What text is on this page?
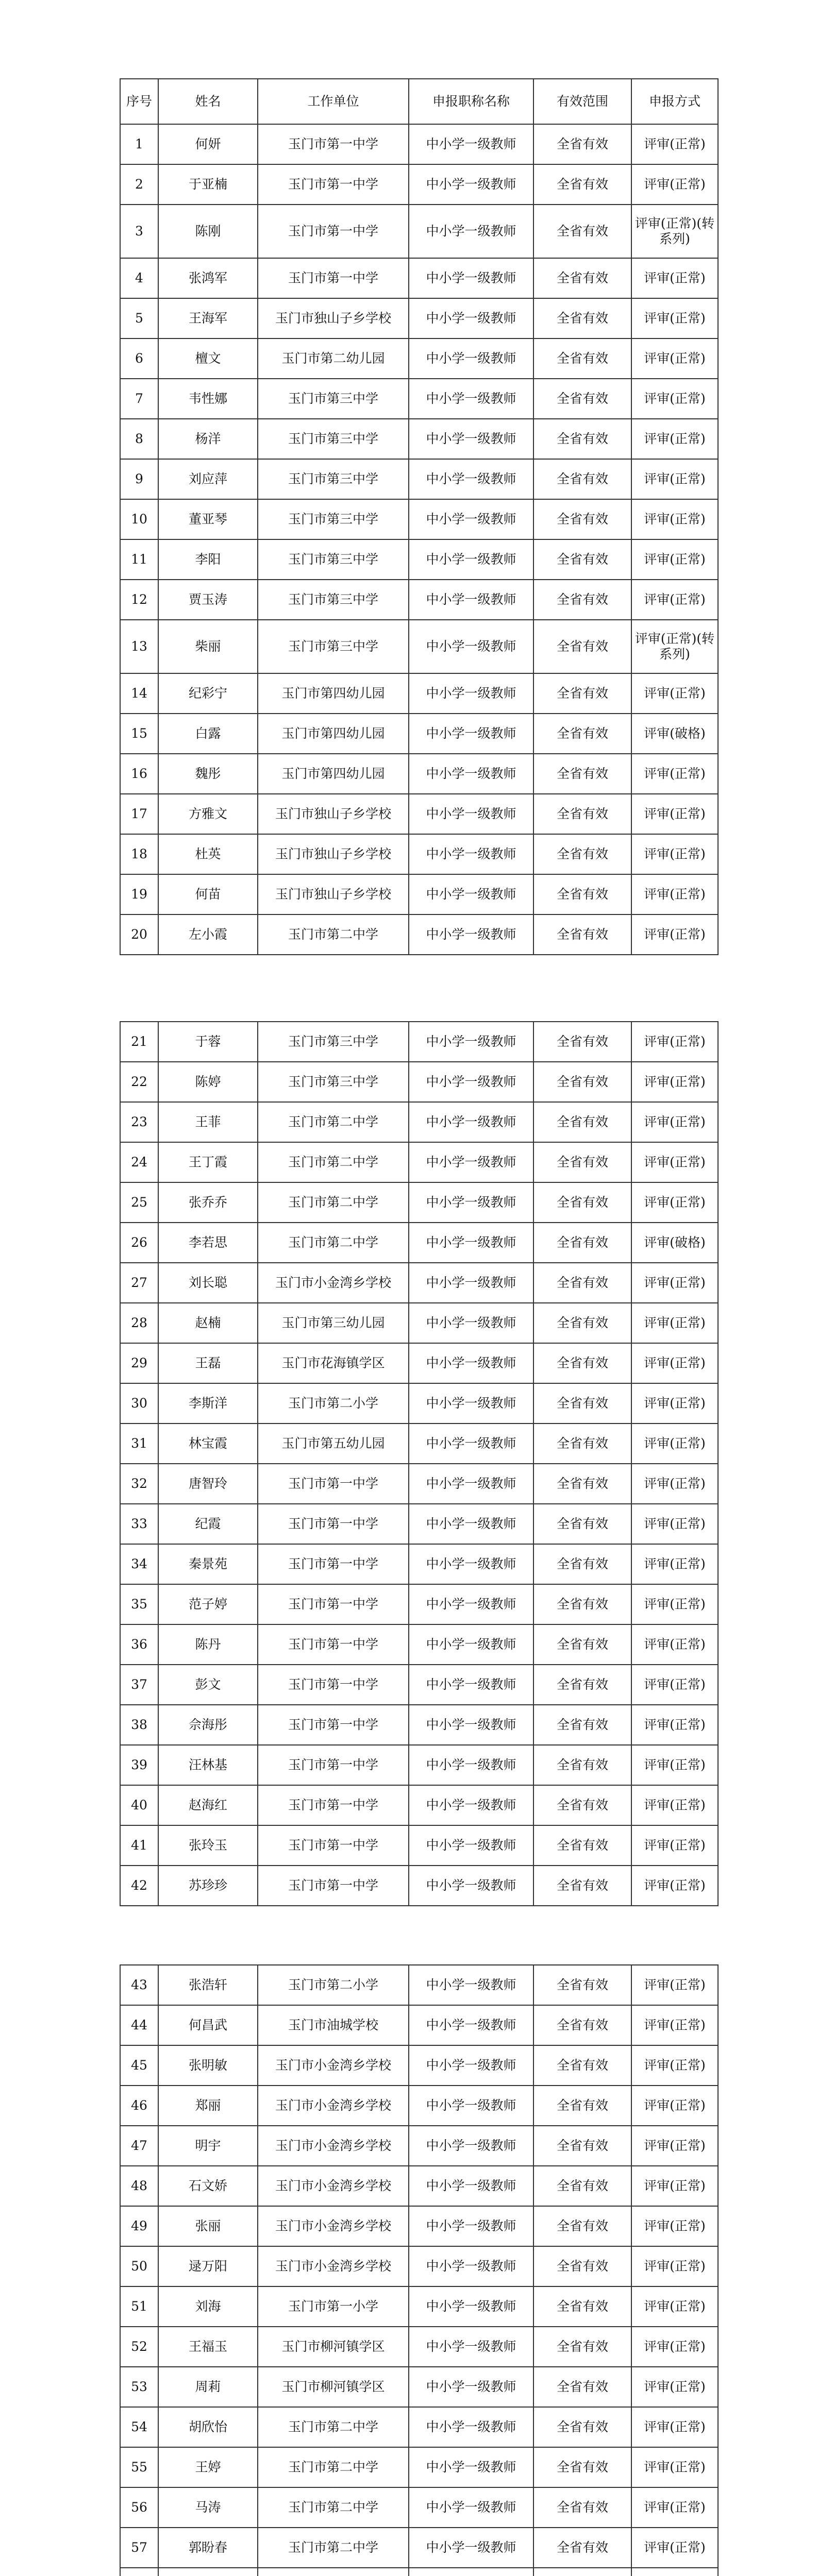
序号	姓名	工作单位	申报职称名称	有效范围	申报方式
1	何妍	玉门市第一中学	中小学一级教师	全省有效	评审(正常)
2	于亚楠	玉门市第一中学	中小学一级教师	全省有效	评审(正常)
3	陈刚	玉门市第一中学	中小学一级教师	全省有效	评审(正常)(转系列)
4	张鸿军	玉门市第一中学	中小学一级教师	全省有效	评审(正常)
5	王海军	玉门市独山子乡学校	中小学一级教师	全省有效	评审(正常)
6	檀文	玉门市第二幼儿园	中小学一级教师	全省有效	评审(正常)
7	韦性娜	玉门市第三中学	中小学一级教师	全省有效	评审(正常)
8	杨洋	玉门市第三中学	中小学一级教师	全省有效	评审(正常)
9	刘应萍	玉门市第三中学	中小学一级教师	全省有效	评审(正常)
10	董亚琴	玉门市第三中学	中小学一级教师	全省有效	评审(正常)
11	李阳	玉门市第三中学	中小学一级教师	全省有效	评审(正常)
12	贾玉涛	玉门市第三中学	中小学一级教师	全省有效	评审(正常)
13	柴丽	玉门市第三中学	中小学一级教师	全省有效	评审(正常)(转系列)
14	纪彩宁	玉门市第四幼儿园	中小学一级教师	全省有效	评审(正常)
15	白露	玉门市第四幼儿园	中小学一级教师	全省有效	评审(破格)
16	魏彤	玉门市第四幼儿园	中小学一级教师	全省有效	评审(正常)
17	方雅文	玉门市独山子乡学校	中小学一级教师	全省有效	评审(正常)
18	杜英	玉门市独山子乡学校	中小学一级教师	全省有效	评审(正常)
19	何苗	玉门市独山子乡学校	中小学一级教师	全省有效	评审(正常)
20	左小霞	玉门市第二中学	中小学一级教师	全省有效	评审(正常)
21	于蓉	玉门市第三中学	中小学一级教师	全省有效	评审(正常)
22	陈婷	玉门市第三中学	中小学一级教师	全省有效	评审(正常)
23	王菲	玉门市第二中学	中小学一级教师	全省有效	评审(正常)
24	王丁霞	玉门市第二中学	中小学一级教师	全省有效	评审(正常)
25	张乔乔	玉门市第二中学	中小学一级教师	全省有效	评审(正常)
26	李若思	玉门市第二中学	中小学一级教师	全省有效	评审(破格)
27	刘长聪	玉门市小金湾乡学校	中小学一级教师	全省有效	评审(正常)
28	赵楠	玉门市第三幼儿园	中小学一级教师	全省有效	评审(正常)
29	王磊	玉门市花海镇学区	中小学一级教师	全省有效	评审(正常)
30	李斯洋	玉门市第二小学	中小学一级教师	全省有效	评审(正常)
31	林宝霞	玉门市第五幼儿园	中小学一级教师	全省有效	评审(正常)
32	唐智玲	玉门市第一中学	中小学一级教师	全省有效	评审(正常)
33	纪霞	玉门市第一中学	中小学一级教师	全省有效	评审(正常)
34	秦景苑	玉门市第一中学	中小学一级教师	全省有效	评审(正常)
35	范子婷	玉门市第一中学	中小学一级教师	全省有效	评审(正常)
36	陈丹	玉门市第一中学	中小学一级教师	全省有效	评审(正常)
37	彭文	玉门市第一中学	中小学一级教师	全省有效	评审(正常)
38	佘海彤	玉门市第一中学	中小学一级教师	全省有效	评审(正常)
39	汪林基	玉门市第一中学	中小学一级教师	全省有效	评审(正常)
40	赵海红	玉门市第一中学	中小学一级教师	全省有效	评审(正常)
41	张玲玉	玉门市第一中学	中小学一级教师	全省有效	评审(正常)
42	苏珍珍	玉门市第一中学	中小学一级教师	全省有效	评审(正常)
43	张浩轩	玉门市第二小学	中小学一级教师	全省有效	评审(正常)
44	何昌武	玉门市油城学校	中小学一级教师	全省有效	评审(正常)
45	张明敏	玉门市小金湾乡学校	中小学一级教师	全省有效	评审(正常)
46	郑丽	玉门市小金湾乡学校	中小学一级教师	全省有效	评审(正常)
47	明宇	玉门市小金湾乡学校	中小学一级教师	全省有效	评审(正常)
48	石文娇	玉门市小金湾乡学校	中小学一级教师	全省有效	评审(正常)
49	张丽	玉门市小金湾乡学校	中小学一级教师	全省有效	评审(正常)
50	逯万阳	玉门市小金湾乡学校	中小学一级教师	全省有效	评审(正常)
51	刘海	玉门市第一小学	中小学一级教师	全省有效	评审(正常)
52	王福玉	玉门市柳河镇学区	中小学一级教师	全省有效	评审(正常)
53	周莉	玉门市柳河镇学区	中小学一级教师	全省有效	评审(正常)
54	胡欣怡	玉门市第二中学	中小学一级教师	全省有效	评审(正常)
55	王婷	玉门市第二中学	中小学一级教师	全省有效	评审(正常)
56	马涛	玉门市第二中学	中小学一级教师	全省有效	评审(正常)
57	郭盼春	玉门市第二中学	中小学一级教师	全省有效	评审(正常)
